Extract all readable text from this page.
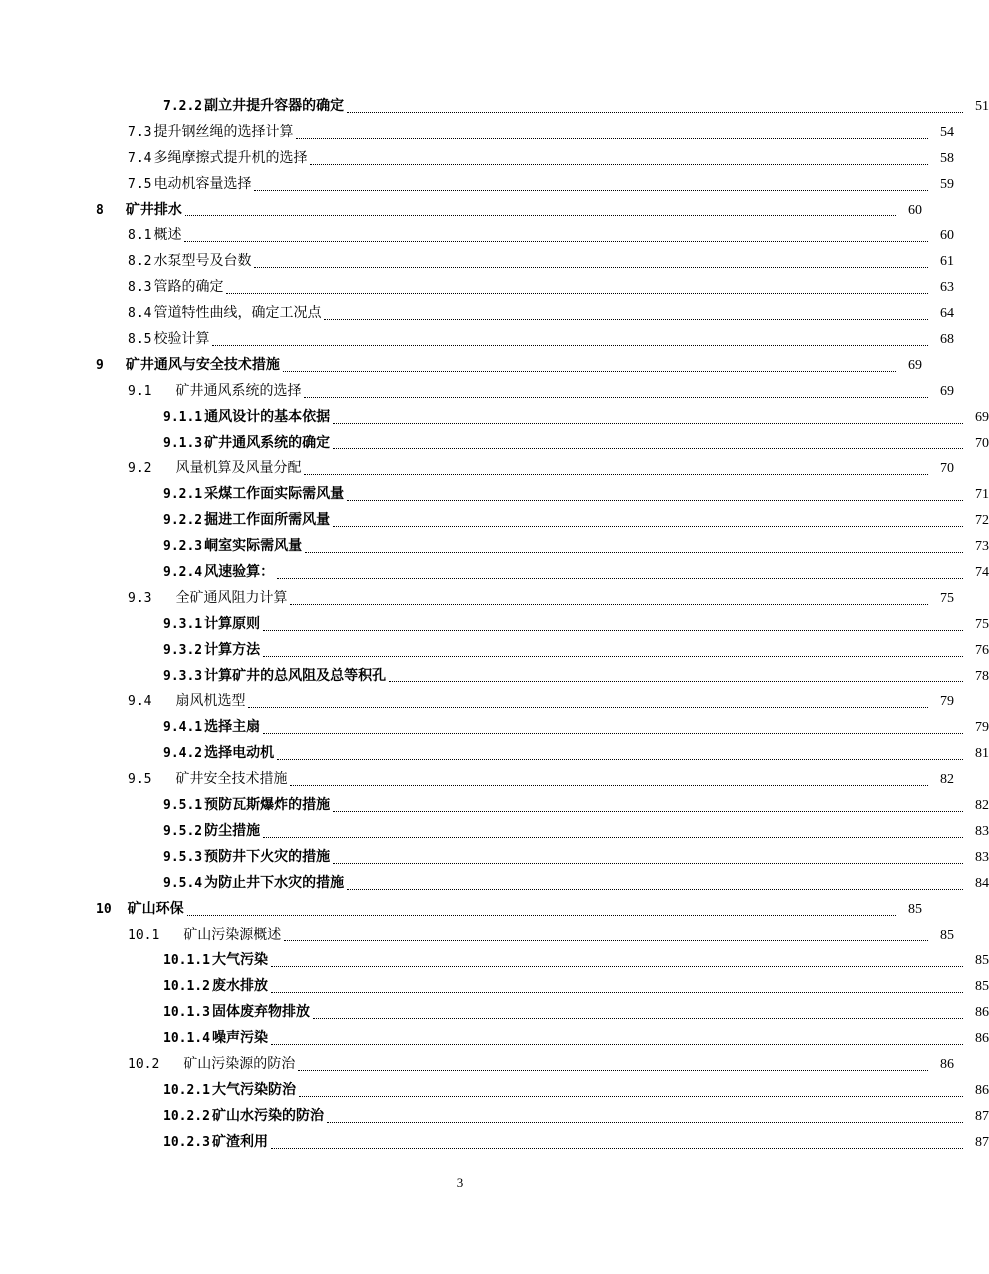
7.2.2 副立井提升容器的确定	51
7.3 提升钢丝绳的选择计算	54
7.4 多绳摩擦式提升机的选择	58
7.5 电动机容量选择	59
8 矿井排水	60
8.1 概述	60
8.2 水泵型号及台数	61
8.3 管路的确定	63
8.4 管道特性曲线，确定工况点	64
8.5 校验计算	68
9 矿井通风与安全技术措施	69
9.1 矿井通风系统的选择	69
9.1.1 通风设计的基本依据	69
9.1.3 矿井通风系统的确定	70
9.2 风量机算及风量分配	70
9.2.1 采煤工作面实际需风量	71
9.2.2 掘进工作面所需风量	72
9.2.3 峒室实际需风量	73
9.2.4 风速验算：	74
9.3 全矿通风阻力计算	75
9.3.1 计算原则	75
9.3.2 计算方法	76
9.3.3 计算矿井的总风阻及总等积孔	78
9.4 扇风机选型	79
9.4.1 选择主扇	79
9.4.2 选择电动机	81
9.5 矿井安全技术措施	82
9.5.1 预防瓦斯爆炸的措施	82
9.5.2 防尘措施	83
9.5.3 预防井下火灾的措施	83
9.5.4 为防止井下水灾的措施	84
10 矿山环保	85
10.1 矿山污染源概述	85
10.1.1 大气污染	85
10.1.2 废水排放	85
10.1.3 固体废弃物排放	86
10.1.4 噪声污染	86
10.2 矿山污染源的防治	86
10.2.1 大气污染防治	86
10.2.2 矿山水污染的防治	87
10.2.3 矿渣利用	87
3
